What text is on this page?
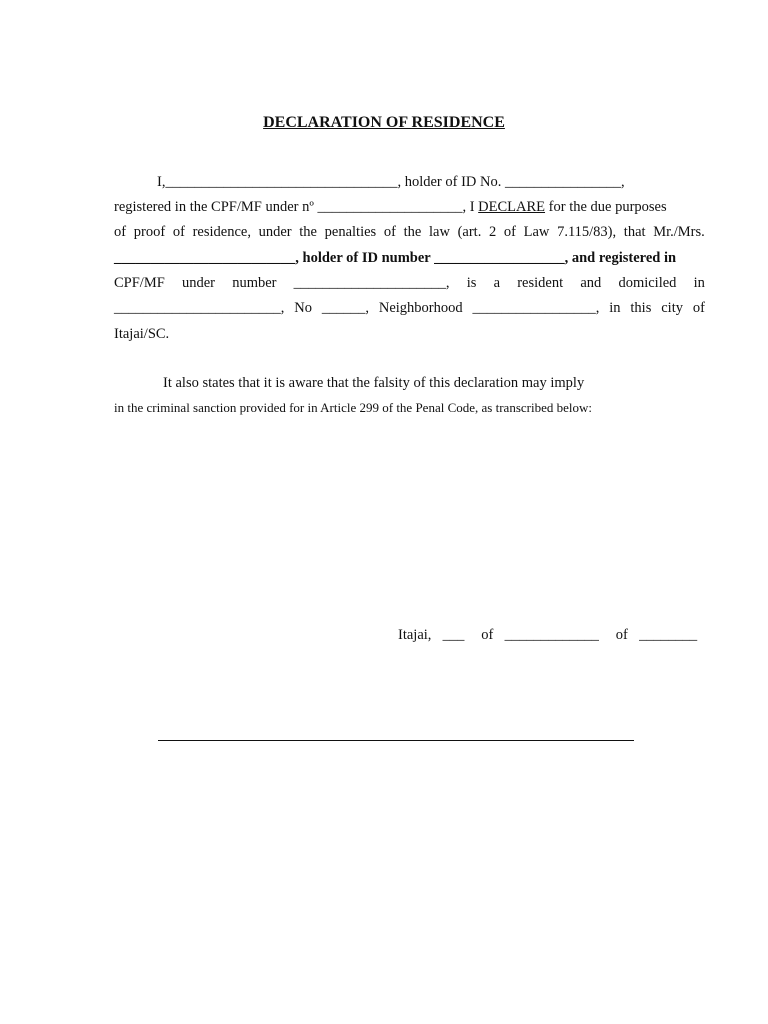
DECLARATION OF RESIDENCE
I,________________________________, holder of ID No. ________________,
registered in the CPF/MF under nº ____________________, I DECLARE for the due purposes
of proof of residence, under the penalties of the law (art. 2 of Law 7.115/83), that Mr./Mrs.
_________________________, holder of ID number __________________, and registered in
CPF/MF under number _____________________, is a resident and domiciled in
_______________________, No ______, Neighborhood _________________, in this city of
Itajai/SC.
It also states that it is aware that the falsity of this declaration may imply
in the criminal sanction provided for in Article 299 of the Penal Code, as transcribed below:
Itajai, ___ of _____________ of ________
